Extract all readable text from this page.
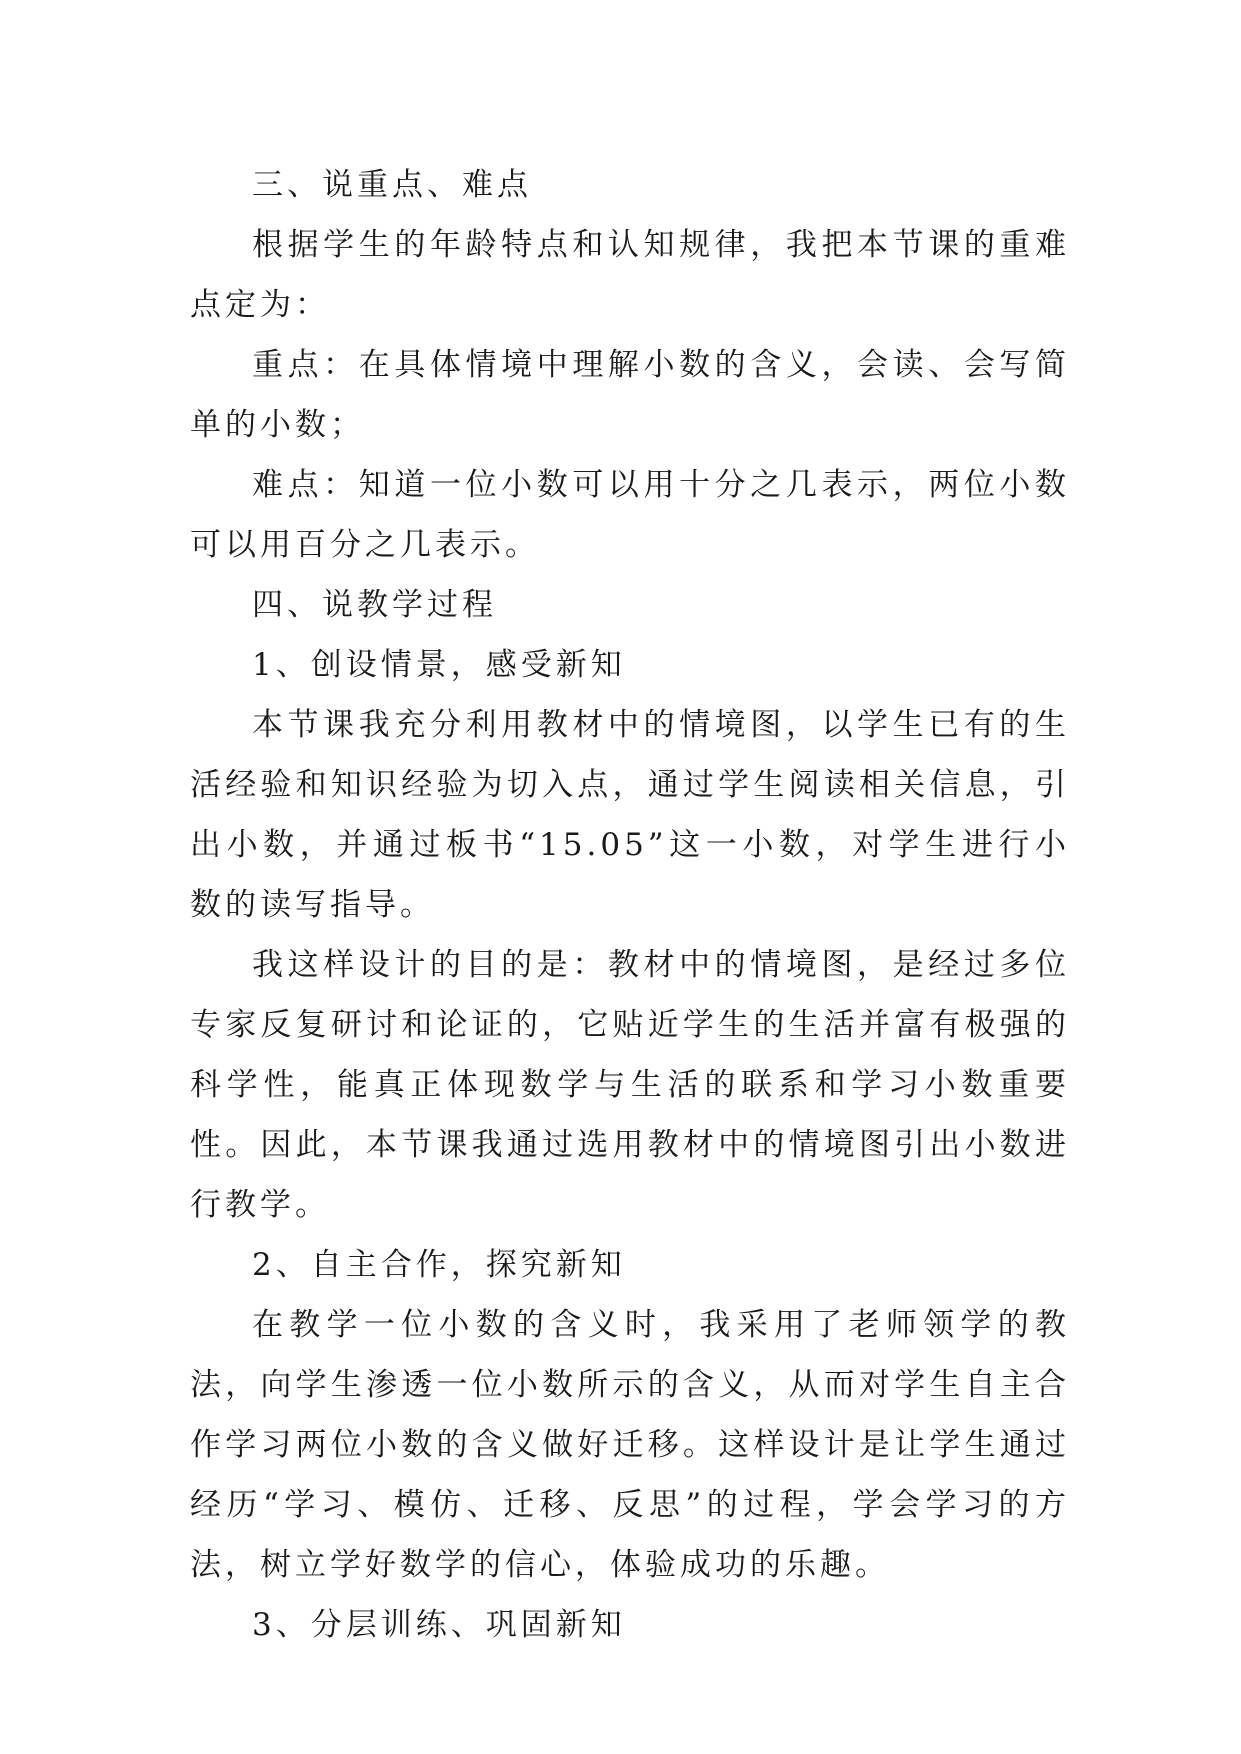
三、说重点、难点

根据学生的年龄特点和认知规律，我把本节课的重难点定为：

重点：在具体情境中理解小数的含义，会读、会写简单的小数；

难点：知道一位小数可以用十分之几表示，两位小数可以用百分之几表示。

四、说教学过程

1、创设情景，感受新知

本节课我充分利用教材中的情境图，以学生已有的生活经验和知识经验为切入点，通过学生阅读相关信息，引出小数，并通过板书“15.05”这一小数，对学生进行小数的读写指导。

我这样设计的目的是：教材中的情境图，是经过多位专家反复研讨和论证的，它贴近学生的生活并富有极强的科学性，能真正体现数学与生活的联系和学习小数重要性。因此，本节课我通过选用教材中的情境图引出小数进行教学。

2、自主合作，探究新知

在教学一位小数的含义时，我采用了老师领学的教法，向学生渗透一位小数所示的含义，从而对学生自主合作学习两位小数的含义做好迁移。这样设计是让学生通过经历“学习、模仿、迁移、反思”的过程，学会学习的方法，树立学好数学的信心，体验成功的乐趣。

3、分层训练、巩固新知
